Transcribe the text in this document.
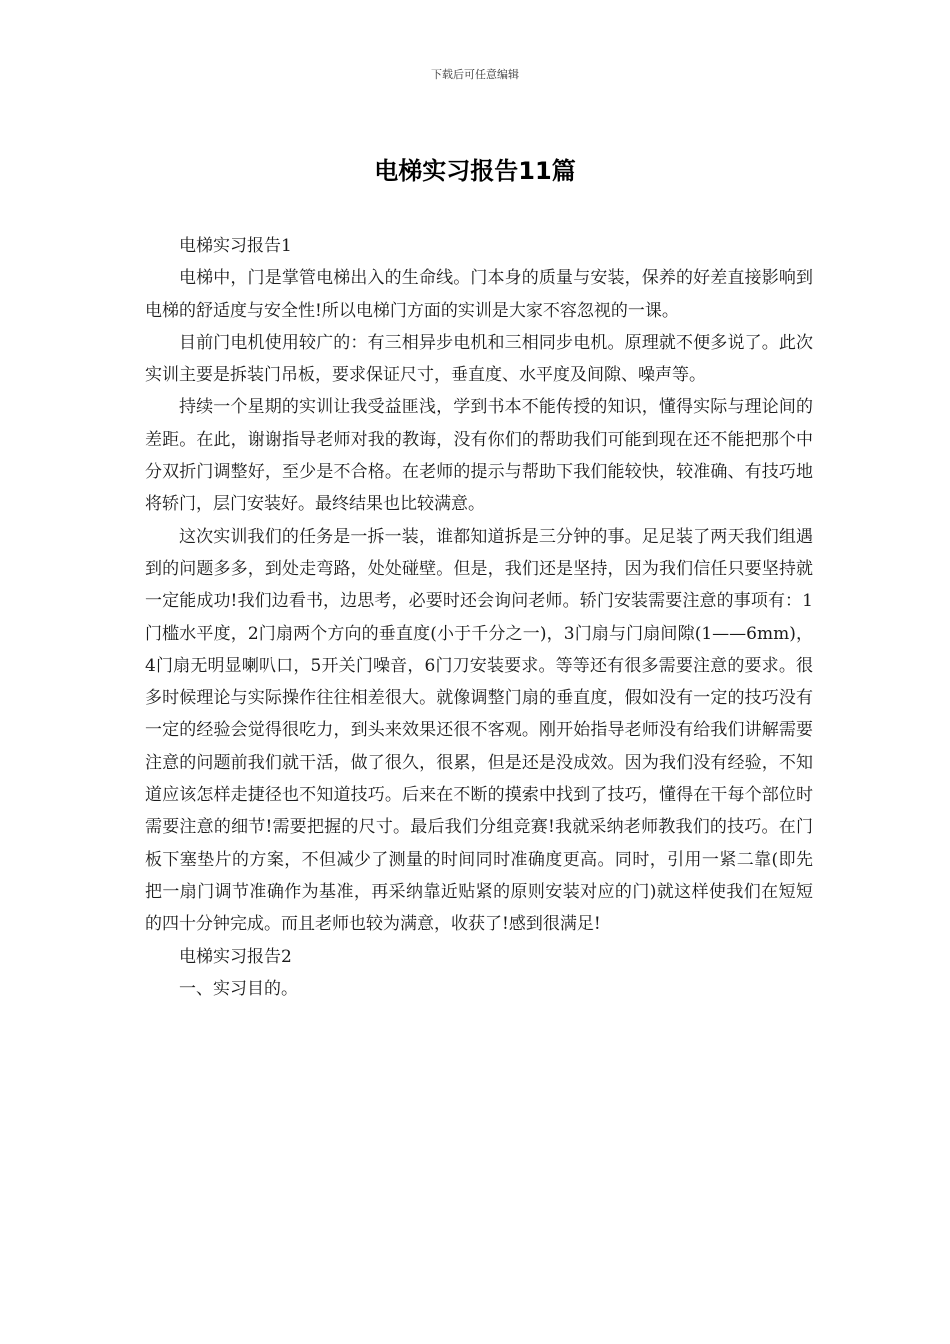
下载后可任意编辑
电梯实习报告11篇

电梯实习报告1

电梯中，门是掌管电梯出入的生命线。门本身的质量与安装，保养的好差直接影响到电梯的舒适度与安全性!所以电梯门方面的实训是大家不容忽视的一课。

目前门电机使用较广的：有三相异步电机和三相同步电机。原理就不便多说了。此次实训主要是拆装门吊板，要求保证尺寸，垂直度、水平度及间隙、噪声等。

持续一个星期的实训让我受益匪浅，学到书本不能传授的知识，懂得实际与理论间的差距。在此，谢谢指导老师对我的教诲，没有你们的帮助我们可能到现在还不能把那个中分双折门调整好，至少是不合格。在老师的提示与帮助下我们能较快，较准确、有技巧地将轿门，层门安装好。最终结果也比较满意。

这次实训我们的任务是一拆一装，谁都知道拆是三分钟的事。足足装了两天我们组遇到的问题多多，到处走弯路，处处碰壁。但是，我们还是坚持，因为我们信任只要坚持就一定能成功!我们边看书，边思考，必要时还会询问老师。轿门安装需要注意的事项有：1门槛水平度，2门扇两个方向的垂直度(小于千分之一)，3门扇与门扇间隙(1——6mm)，4门扇无明显喇叭口，5开关门噪音，6门刀安装要求。等等还有很多需要注意的要求。很多时候理论与实际操作往往相差很大。就像调整门扇的垂直度，假如没有一定的技巧没有一定的经验会觉得很吃力，到头来效果还很不客观。刚开始指导老师没有给我们讲解需要注意的问题前我们就干活，做了很久，很累，但是还是没成效。因为我们没有经验，不知道应该怎样走捷径也不知道技巧。后来在不断的摸索中找到了技巧，懂得在干每个部位时需要注意的细节!需要把握的尺寸。最后我们分组竞赛!我就采纳老师教我们的技巧。在门板下塞垫片的方案，不但减少了测量的时间同时准确度更高。同时，引用一紧二靠(即先把一扇门调节准确作为基准，再采纳靠近贴紧的原则安装对应的门)就这样使我们在短短的四十分钟完成。而且老师也较为满意，收获了!感到很满足!

电梯实习报告2

一、实习目的。
